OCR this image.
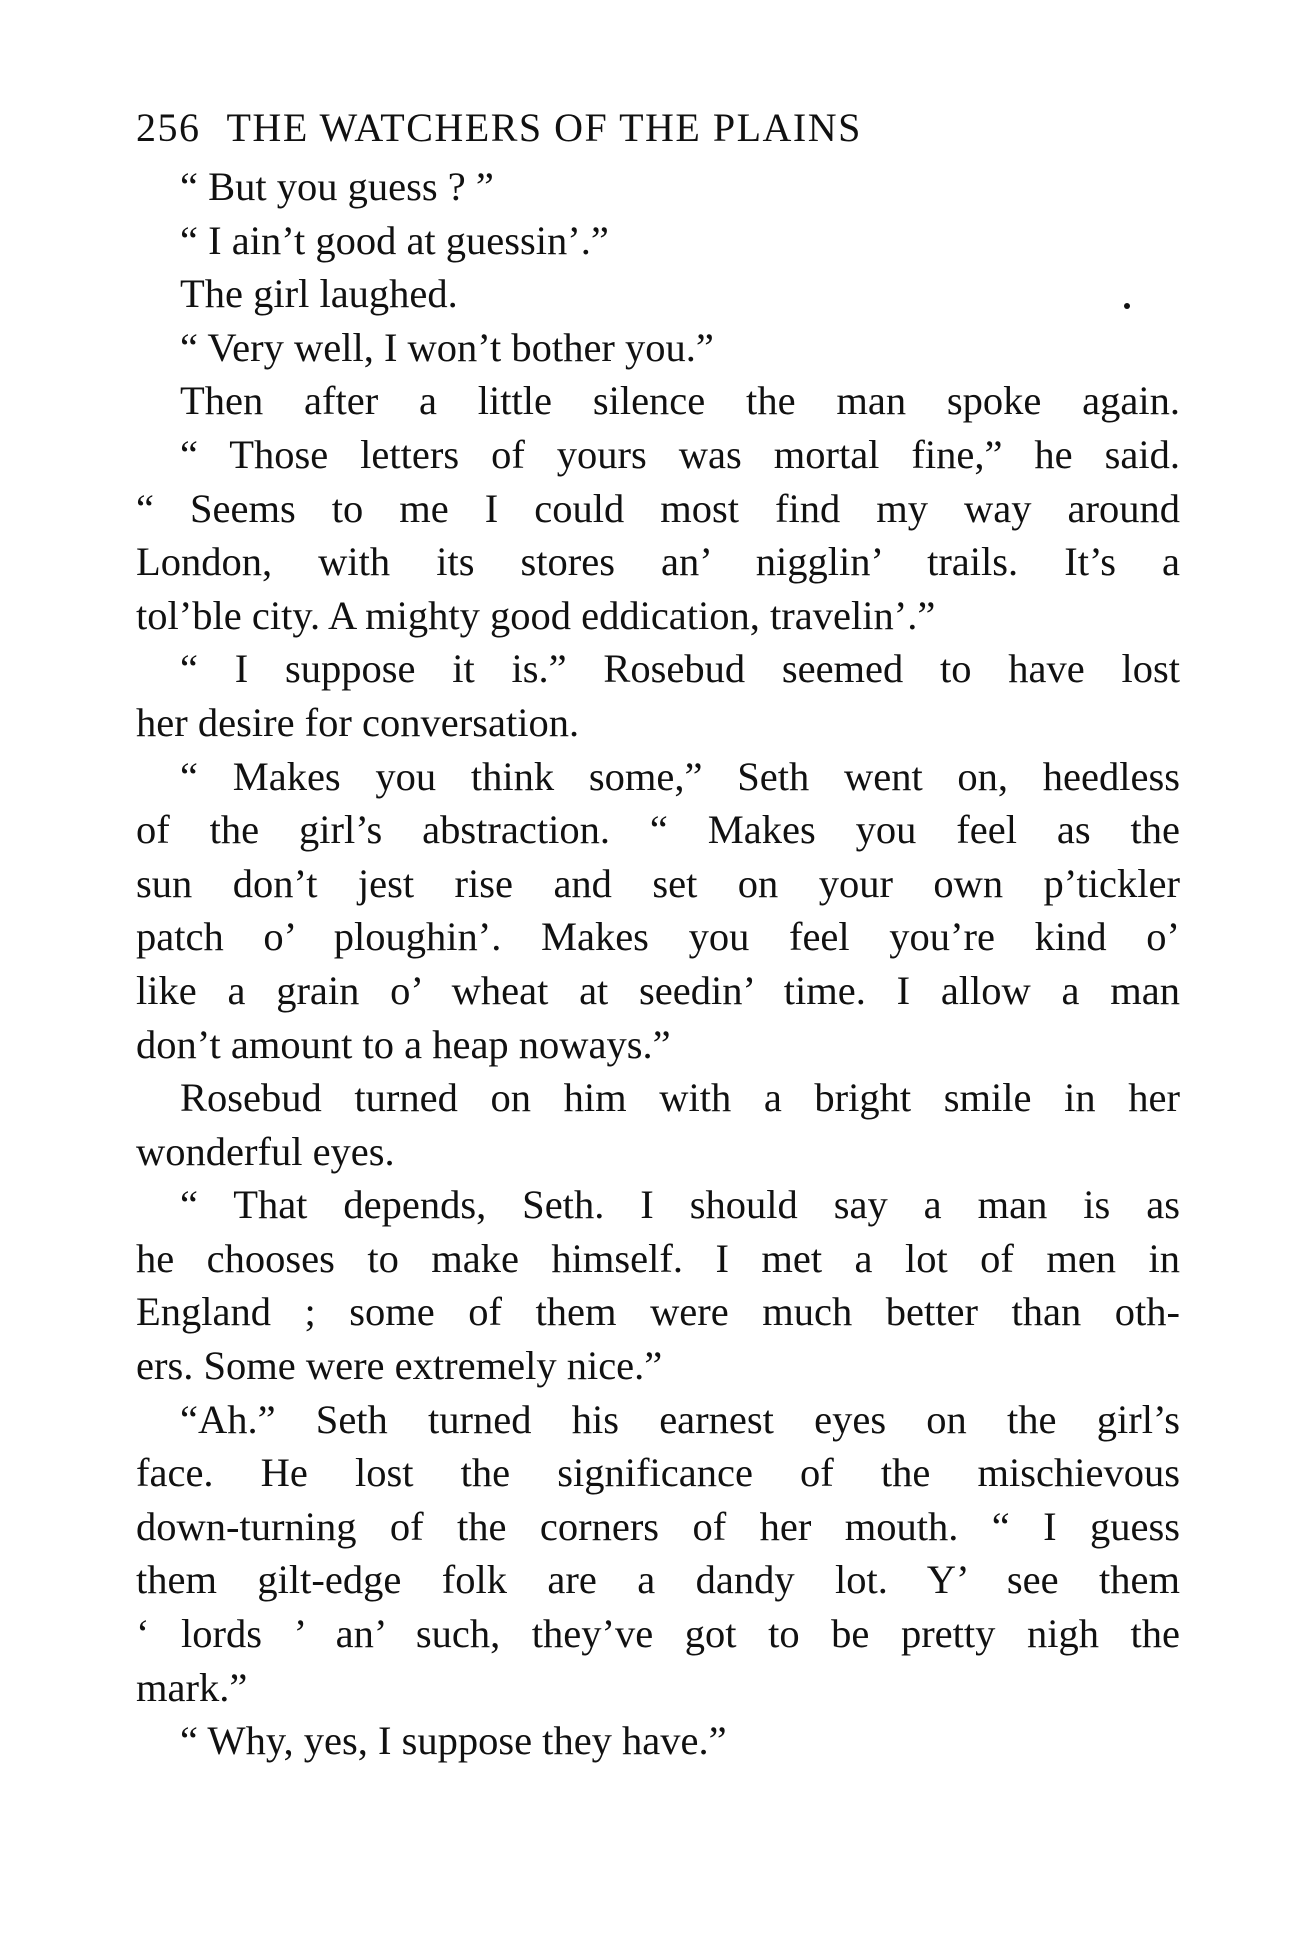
256 THE WATCHERS OF THE PLAINS
“ But you guess ? ”
“ I ain’t good at guessin’.”
The girl laughed.
“ Very well, I won’t bother you.”
Then after a little silence the man spoke again.
“ Those letters of yours was mortal fine,” he said.
“ Seems to me I could most find my way around
London, with its stores an’ nigglin’ trails. It’s a
tol’ble city. A mighty good eddication, travelin’.”
“ I suppose it is.” Rosebud seemed to have lost
her desire for conversation.
“ Makes you think some,” Seth went on, heedless
of the girl’s abstraction. “ Makes you feel as the
sun don’t jest rise and set on your own p’tickler
patch o’ ploughin’. Makes you feel you’re kind o’
like a grain o’ wheat at seedin’ time. I allow a man
don’t amount to a heap noways.”
Rosebud turned on him with a bright smile in her
wonderful eyes.
“ That depends, Seth. I should say a man is as
he chooses to make himself. I met a lot of men in
England ; some of them were much better than oth-
ers. Some were extremely nice.”
“Ah.” Seth turned his earnest eyes on the girl’s
face. He lost the significance of the mischievous
down-turning of the corners of her mouth. “ I guess
them gilt-edge folk are a dandy lot. Y’ see them
‘ lords ’ an’ such, they’ve got to be pretty nigh the
mark.”
“ Why, yes, I suppose they have.”
